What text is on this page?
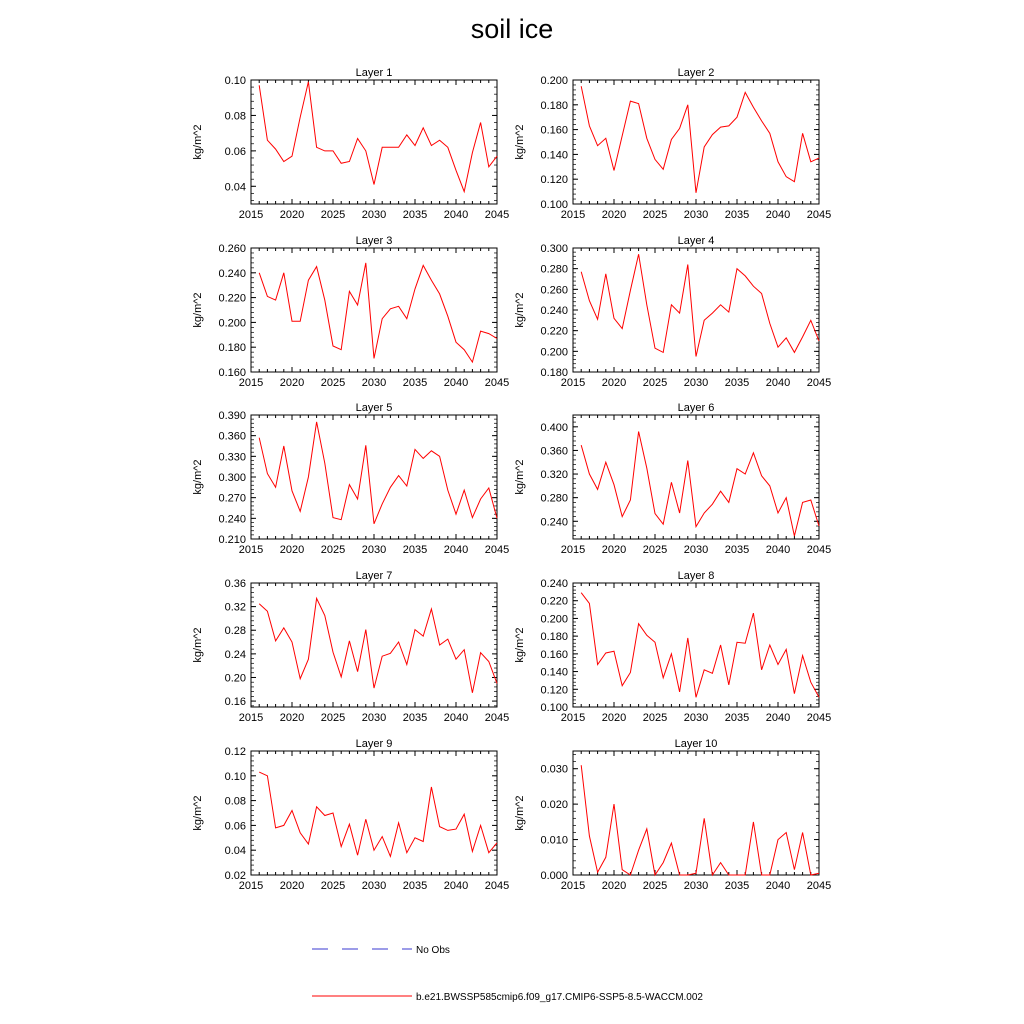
soil ice
Layer 1
kg/m^2
2015 2020 2025 2030 2035 2040 2045
0.04
0.06
0.08
0.10
Layer 2
kg/m^2
2015 2020 2025 2030 2035 2040 2045
0.100
0.120
0.140
0.160
0.180
0.200
Layer 3
kg/m^2
2015 2020 2025 2030 2035 2040 2045
0.160
0.180
0.200
0.220
0.240
0.260
Layer 4
kg/m^2
2015 2020 2025 2030 2035 2040 2045
0.180
0.200
0.220
0.240
0.260
0.280
0.300
Layer 5
kg/m^2
2015 2020 2025 2030 2035 2040 2045
0.210
0.240
0.270
0.300
0.330
0.360
0.390
Layer 6
kg/m^2
2015 2020 2025 2030 2035 2040 2045
0.240
0.280
0.320
0.360
0.400
Layer 7
kg/m^2
2015 2020 2025 2030 2035 2040 2045
0.16
0.20
0.24
0.28
0.32
0.36
Layer 8
kg/m^2
2015 2020 2025 2030 2035 2040 2045
0.100
0.120
0.140
0.160
0.180
0.200
0.220
0.240
Layer 9
kg/m^2
2015 2020 2025 2030 2035 2040 2045
0.02
0.04
0.06
0.08
0.10
0.12
Layer 10
kg/m^2
2015 2020 2025 2030 2035 2040 2045
0.000
0.010
0.020
0.030
No Obs
b.e21.BWSSP585cmip6.f09_g17.CMIP6-SSP5-8.5-WACCM.002
